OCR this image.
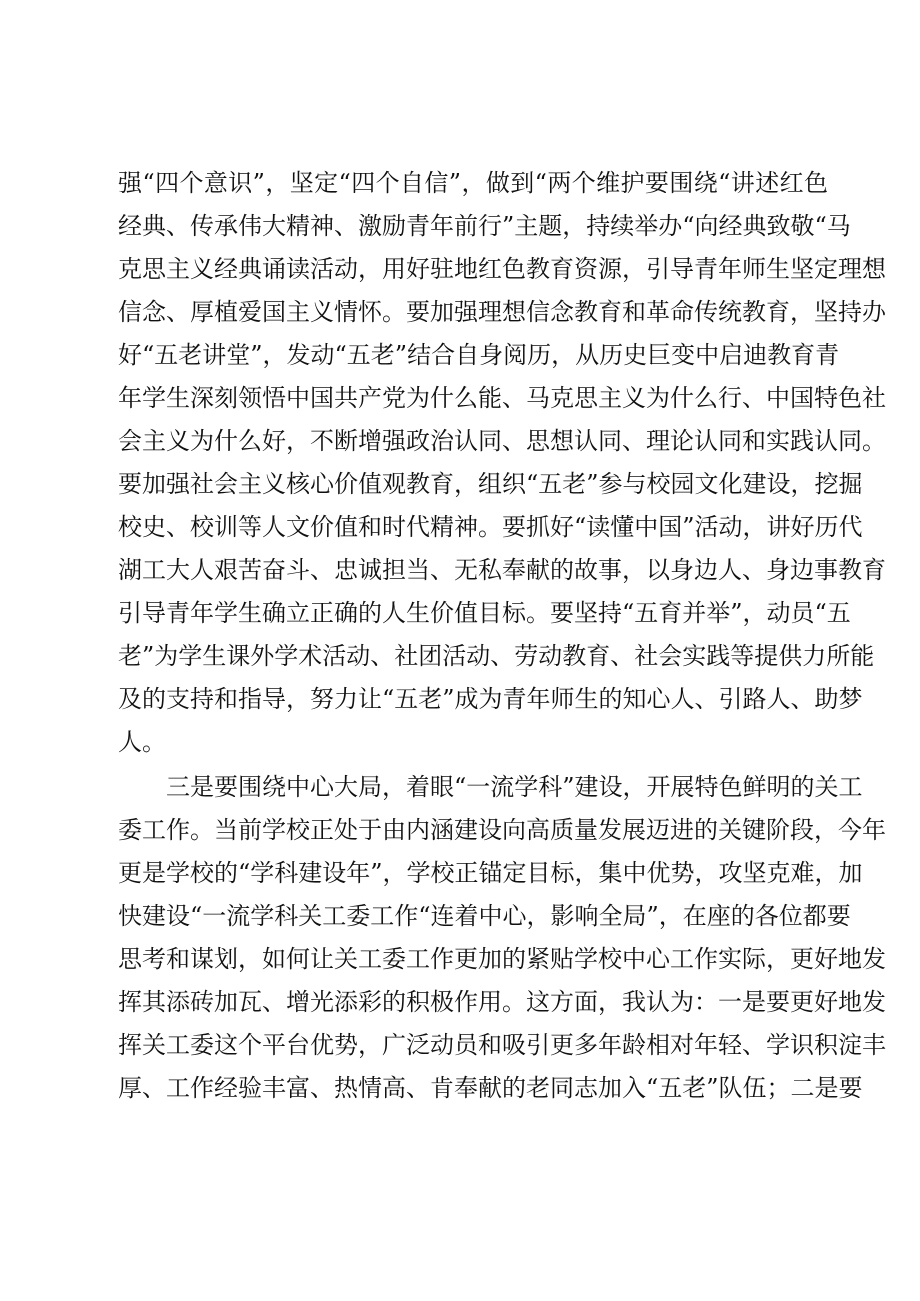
强“四个意识”，坚定“四个自信”，做到“两个维护要围绕“讲述红色
经典、传承伟大精神、激励青年前行”主题，持续举办“向经典致敬“马
克思主义经典诵读活动，用好驻地红色教育资源，引导青年师生坚定理想
信念、厚植爱国主义情怀。要加强理想信念教育和革命传统教育，坚持办
好“五老讲堂”，发动“五老”结合自身阅历，从历史巨变中启迪教育青
年学生深刻领悟中国共产党为什么能、马克思主义为什么行、中国特色社
会主义为什么好，不断增强政治认同、思想认同、理论认同和实践认同。
要加强社会主义核心价值观教育，组织“五老”参与校园文化建设，挖掘
校史、校训等人文价值和时代精神。要抓好“读懂中国”活动，讲好历代
湖工大人艰苦奋斗、忠诚担当、无私奉献的故事，以身边人、身边事教育
引导青年学生确立正确的人生价值目标。要坚持“五育并举”，动员“五
老”为学生课外学术活动、社团活动、劳动教育、社会实践等提供力所能
及的支持和指导，努力让“五老”成为青年师生的知心人、引路人、助梦
人。
三是要围绕中心大局，着眼“一流学科”建设，开展特色鲜明的关工
委工作。当前学校正处于由内涵建设向高质量发展迈进的关键阶段，今年
更是学校的“学科建设年”，学校正锚定目标，集中优势，攻坚克难，加
快建设“一流学科关工委工作“连着中心，影响全局”，在座的各位都要
思考和谋划，如何让关工委工作更加的紧贴学校中心工作实际，更好地发
挥其添砖加瓦、增光添彩的积极作用。这方面，我认为：一是要更好地发
挥关工委这个平台优势，广泛动员和吸引更多年龄相对年轻、学识积淀丰
厚、工作经验丰富、热情高、肯奉献的老同志加入“五老”队伍；二是要
